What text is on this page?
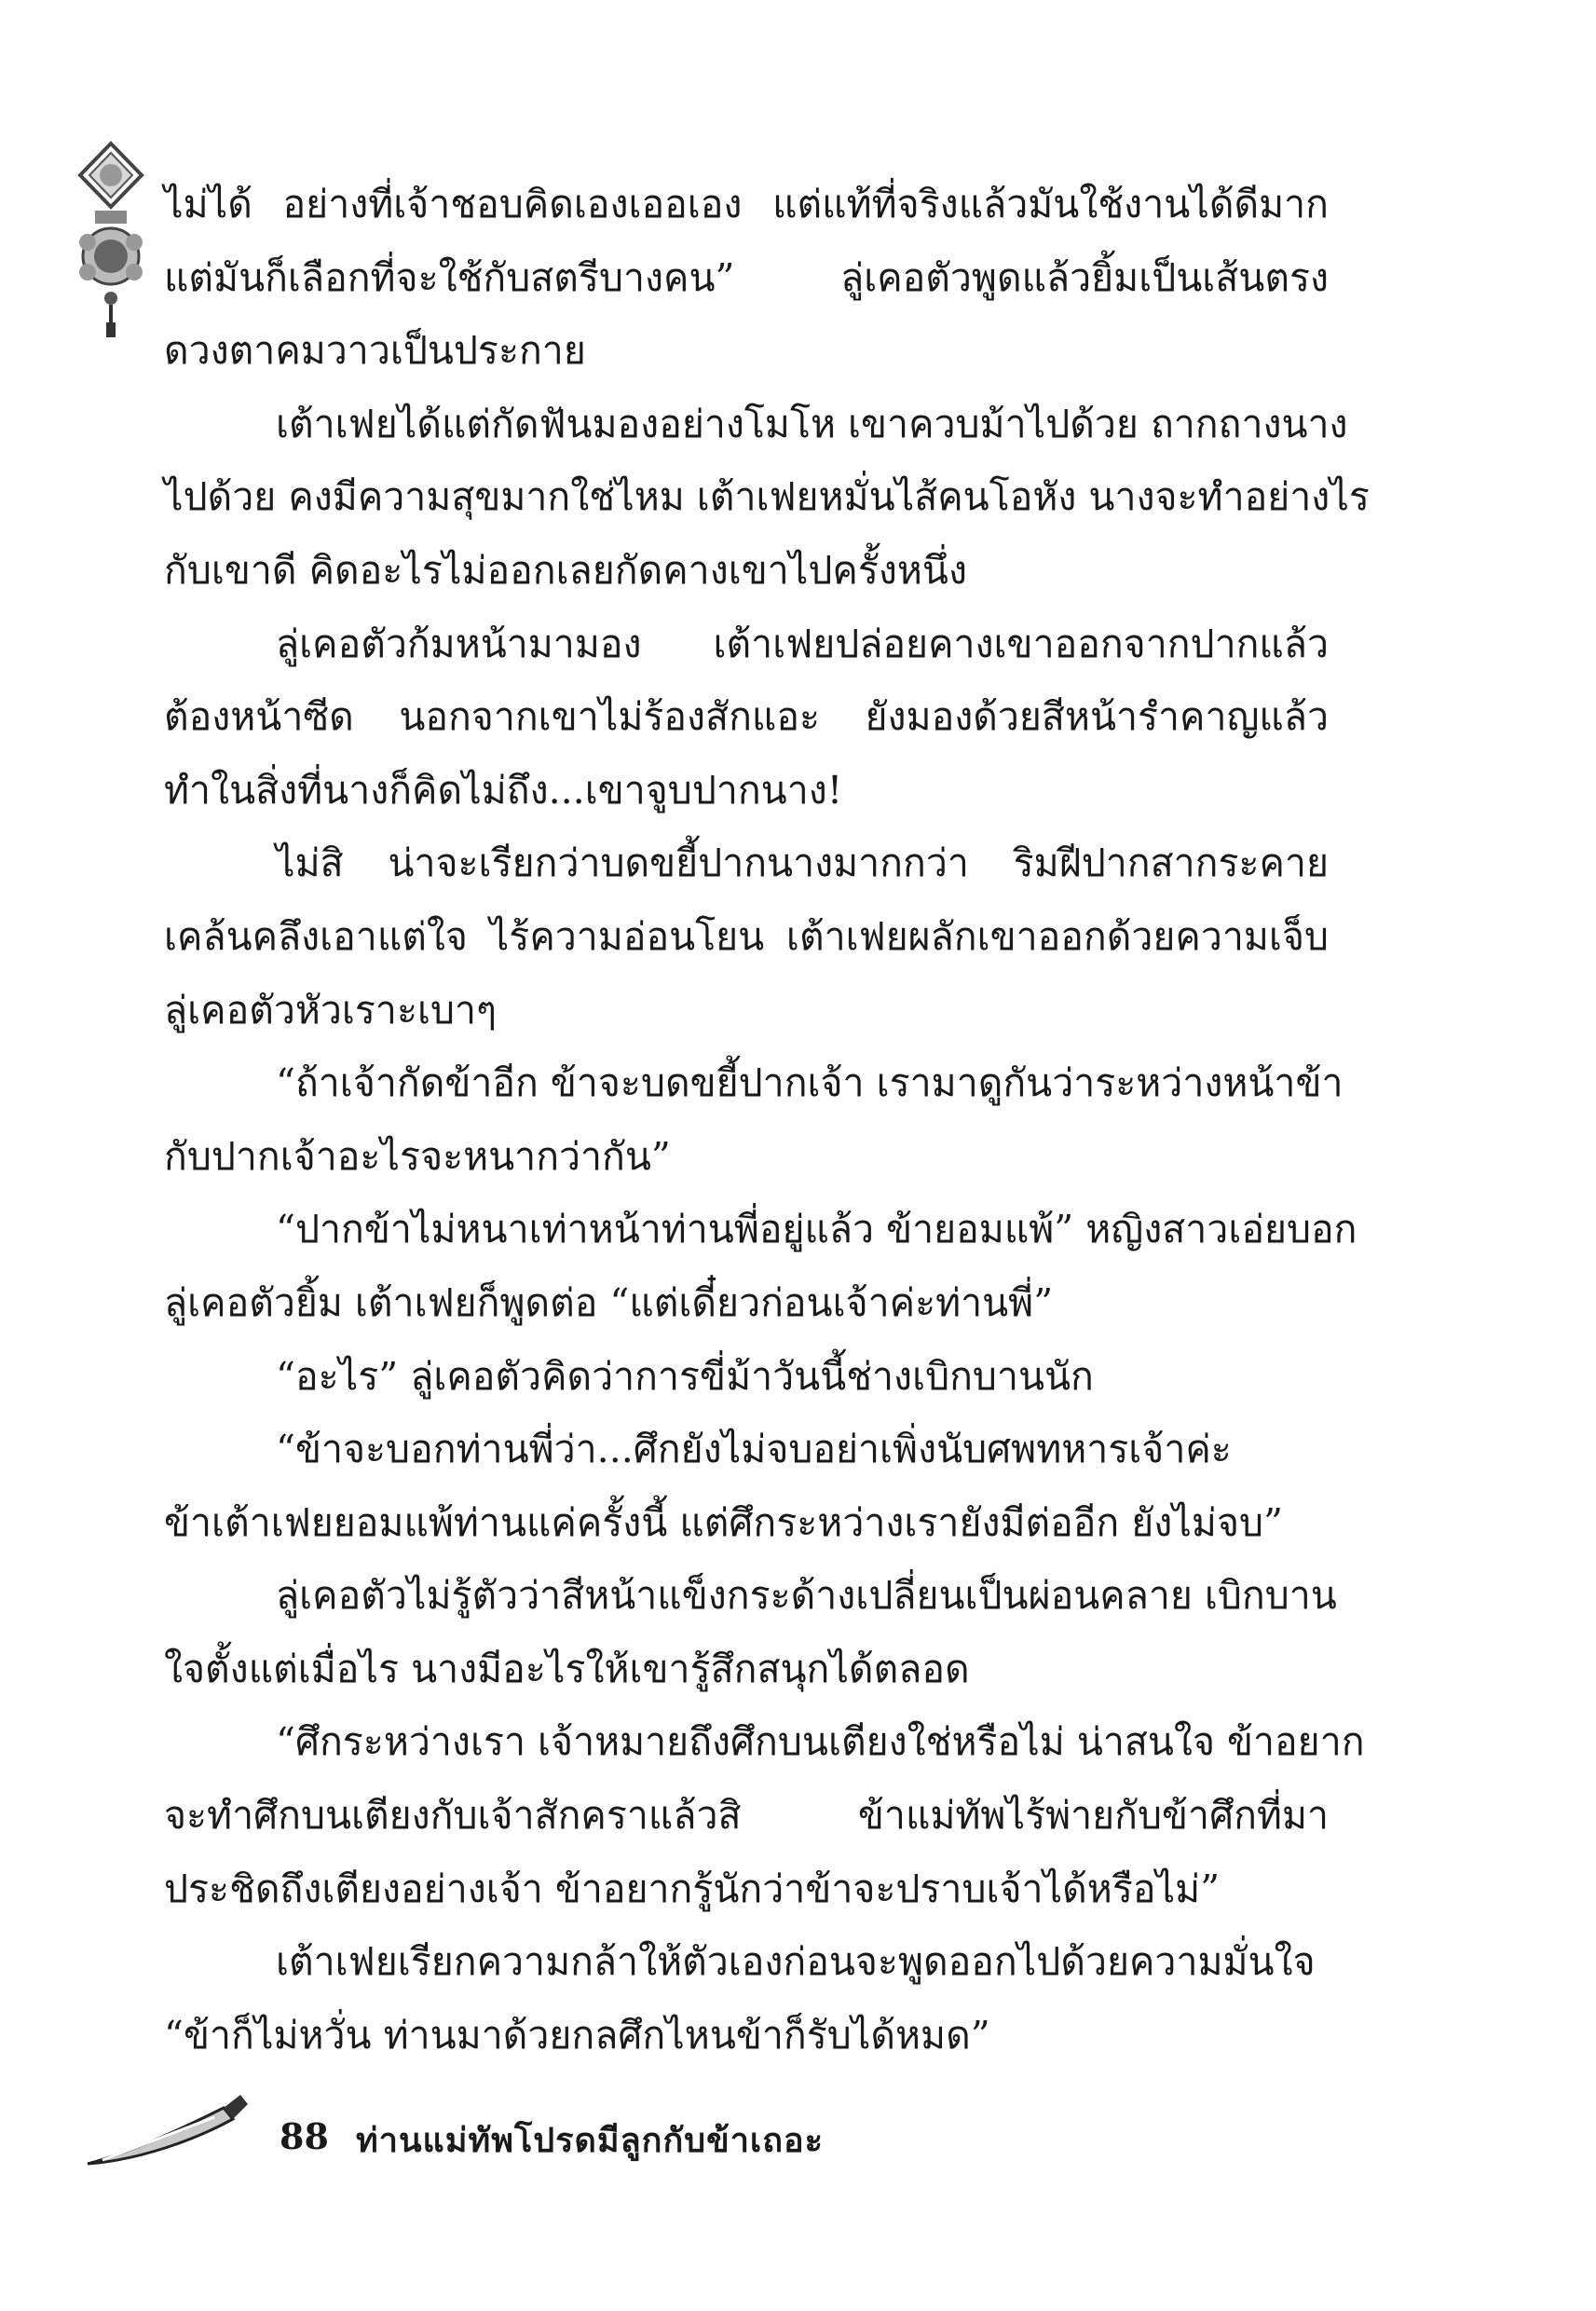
ไม่ได้ อย่างที่เจ้าชอบคิดเองเออเอง แต่แท้ที่จริงแล้วมันใช้งานได้ดีมาก
แต่มันก็เลือกที่จะใช้กับสตรีบางคน” ลู่เคอตัวพูดแล้วยิ้มเป็นเส้นตรง
ดวงตาคมวาวเป็นประกาย
เต้าเฟยได้แต่กัดฟันมองอย่างโมโห เขาควบม้าไปด้วย ถากถางนาง
ไปด้วย คงมีความสุขมากใช่ไหม เต้าเฟยหมั่นไส้คนโอหัง นางจะทำอย่างไร
กับเขาดี คิดอะไรไม่ออกเลยกัดคางเขาไปครั้งหนึ่ง
ลู่เคอตัวก้มหน้ามามอง เต้าเฟยปล่อยคางเขาออกจากปากแล้ว
ต้องหน้าซีด นอกจากเขาไม่ร้องสักแอะ ยังมองด้วยสีหน้ารำคาญแล้ว
ทำในสิ่งที่นางก็คิดไม่ถึง...เขาจูบปากนาง!
ไม่สิ น่าจะเรียกว่าบดขยี้ปากนางมากกว่า ริมฝีปากสากระคาย
เคล้นคลึงเอาแต่ใจ ไร้ความอ่อนโยน เต้าเฟยผลักเขาออกด้วยความเจ็บ
ลู่เคอตัวหัวเราะเบาๆ
“ถ้าเจ้ากัดข้าอีก ข้าจะบดขยี้ปากเจ้า เรามาดูกันว่าระหว่างหน้าข้า
กับปากเจ้าอะไรจะหนากว่ากัน”
“ปากข้าไม่หนาเท่าหน้าท่านพี่อยู่แล้ว ข้ายอมแพ้” หญิงสาวเอ่ยบอก
ลู่เคอตัวยิ้ม เต้าเฟยก็พูดต่อ “แต่เดี๋ยวก่อนเจ้าค่ะท่านพี่”
“อะไร” ลู่เคอตัวคิดว่าการขี่ม้าวันนี้ช่างเบิกบานนัก
“ข้าจะบอกท่านพี่ว่า...ศึกยังไม่จบอย่าเพิ่งนับศพทหารเจ้าค่ะ
ข้าเต้าเฟยยอมแพ้ท่านแค่ครั้งนี้ แต่ศึกระหว่างเรายังมีต่ออีก ยังไม่จบ”
ลู่เคอตัวไม่รู้ตัวว่าสีหน้าแข็งกระด้างเปลี่ยนเป็นผ่อนคลาย เบิกบาน
ใจตั้งแต่เมื่อไร นางมีอะไรให้เขารู้สึกสนุกได้ตลอด
“ศึกระหว่างเรา เจ้าหมายถึงศึกบนเตียงใช่หรือไม่ น่าสนใจ ข้าอยาก
จะทำศึกบนเตียงกับเจ้าสักคราแล้วสิ ข้าแม่ทัพไร้พ่ายกับข้าศึกที่มา
ประชิดถึงเตียงอย่างเจ้า ข้าอยากรู้นักว่าข้าจะปราบเจ้าได้หรือไม่”
เต้าเฟยเรียกความกล้าให้ตัวเองก่อนจะพูดออกไปด้วยความมั่นใจ
“ข้าก็ไม่หวั่น ท่านมาด้วยกลศึกไหนข้าก็รับได้หมด”
88 ท่านแม่ทัพโปรดมีลูกกับข้าเถอะ
